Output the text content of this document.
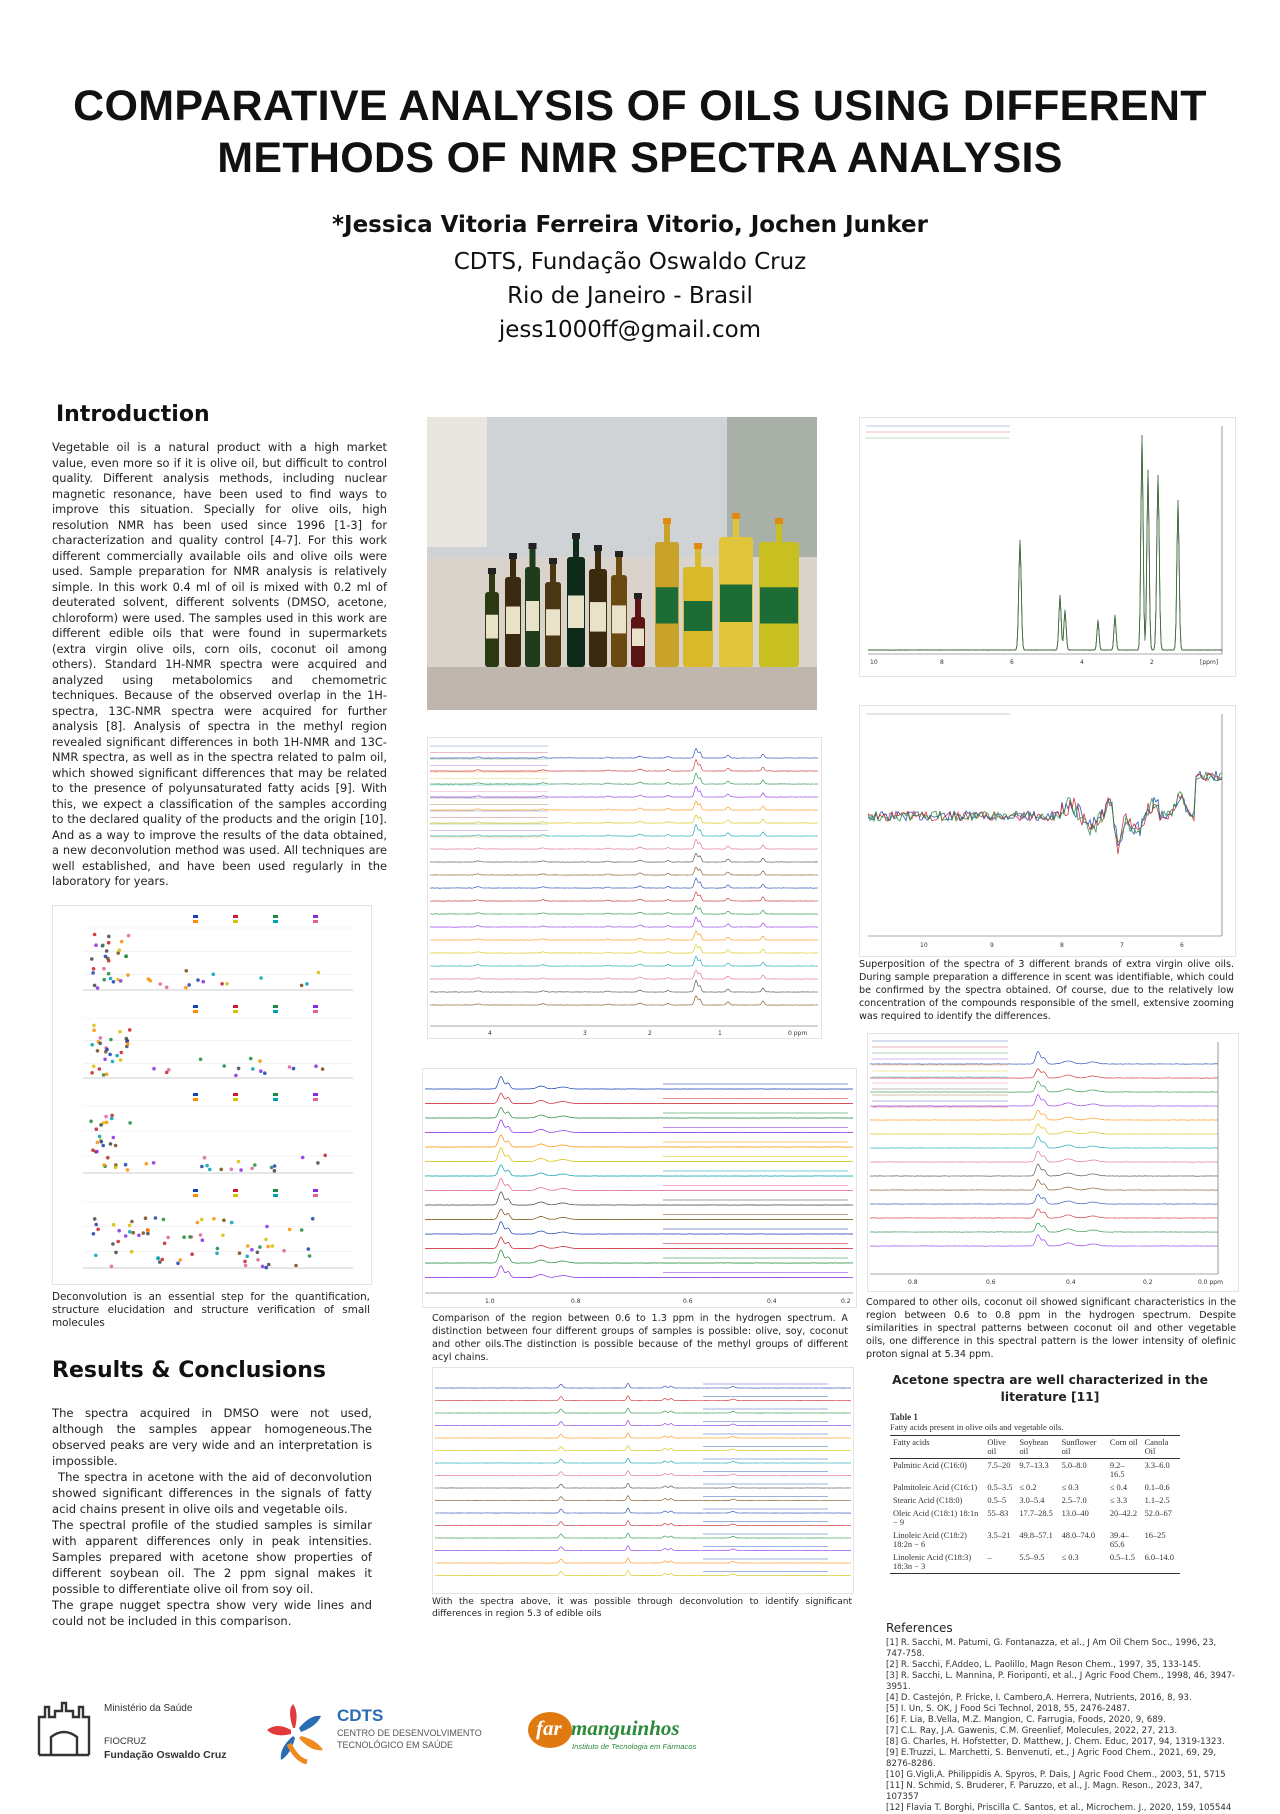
COMPARATIVE ANALYSIS OF OILS USING DIFFERENT
METHODS OF NMR SPECTRA ANALYSIS
*Jessica Vitoria Ferreira Vitorio, Jochen Junker
CDTS, Fundação Oswaldo Cruz
Rio de Janeiro - Brasil
jess1000ff@gmail.com
Introduction
Vegetable oil is a natural product with a high market value, even more so if it is olive oil, but difficult to control quality. Different analysis methods, including nuclear magnetic resonance, have been used to find ways to improve this situation. Specially for olive oils, high resolution NMR has been used since 1996 [1-3] for characterization and quality control [4-7]. For this work different commercially available oils and olive oils were used. Sample preparation for NMR analysis is relatively simple. In this work 0.4 ml of oil is mixed with 0.2 ml of deuterated solvent, different solvents (DMSO, acetone, chloroform) were used. The samples used in this work are different edible oils that were found in supermarkets (extra virgin olive oils, corn oils, coconut oil among others). Standard 1H-NMR spectra were acquired and analyzed using metabolomics and chemometric techniques. Because of the observed overlap in the 1H-spectra, 13C-NMR spectra were acquired for further analysis [8]. Analysis of spectra in the methyl region revealed significant differences in both 1H-NMR and 13C-NMR spectra, as well as in the spectra related to palm oil, which showed significant differences that may be related to the presence of polyunsaturated fatty acids [9]. With this, we expect a classification of the samples according to the declared quality of the products and the origin [10]. And as a way to improve the results of the data obtained, a new deconvolution method was used. All techniques are well established, and have been used regularly in the laboratory for years.
Deconvolution is an essential step for the quantification, structure elucidation and structure verification of small molecules
4	3	2	1	0 ppm
1.0	0.8	0.6	0.4	0.2
Comparison of the region between 0.6 to 1.3 ppm in the hydrogen spectrum. A distinction between four different groups of samples is possible: olive, soy, coconut and other oils.The distinction is possible because of the methyl groups of different acyl chains.
With the spectra above, it was possible through deconvolution to identify significant differences in region 5.3 of edible oils
10	8	6	4	2	[ppm]
10	9	8	7	6
Superposition of the spectra of 3 different brands of extra virgin olive oils. During sample preparation a difference in scent was identifiable, which could be confirmed by the spectra obtained. Of course, due to the relatively low concentration of the compounds responsible of the smell, extensive zooming was required to identify the differences.
0.8	0.6	0.4	0.2	0.0 ppm
Compared to other oils, coconut oil showed significant characteristics in the region between 0.6 to 0.8 ppm in the hydrogen spectrum. Despite similarities in spectral patterns between coconut oil and other vegetable oils, one difference in this spectral pattern is the lower intensity of olefinic proton signal at 5.34 ppm.
Results & Conclusions
The spectra acquired in DMSO were not used, although the samples appear homogeneous.The observed peaks are very wide and an interpretation is impossible.
The spectra in acetone with the aid of deconvolution showed significant differences in the signals of fatty acid chains present in olive oils and vegetable oils.
The spectral profile of the studied samples is similar with apparent differences only in peak intensities. Samples prepared with acetone show properties of different soybean oil. The 2 ppm signal makes it possible to differentiate olive oil from soy oil.
The grape nugget spectra show very wide lines and could not be included in this comparison.
Acetone spectra are well characterized in the literature [11]
Table 1
Fatty acids present in olive oils and vegetable oils.
Fatty acids	Olive oil	Soybean oil	Sunflower oil	Corn oil	Canola Oil
Palmitic Acid (C16:0)	7.5–20	9.7–13.3	5.0–8.0	9.2–16.5	3.3–6.0
Palmitoleic Acid (C16:1)	0.5–3.5	≤ 0.2	≤ 0.3	≤ 0.4	0.1–0.6
Stearic Acid (C18:0)	0.5–5	3.0–5.4	2.5–7.0	≤ 3.3	1.1–2.5
Oleic Acid (C18:1) 18:1n − 9	55–83	17.7–28.5	13.0–40	20–42.2	52.0–67
Linoleic Acid (C18:2) 18:2n − 6	3.5–21	49.8–57.1	48.0–74.0	39.4–65.6	16–25
Linolenic Acid (C18:3) 18:3n − 3	–	5.5–9.5	≤ 0.3	0.5–1.5	6.0–14.0
References
[1] R. Sacchi, M. Patumi, G. Fontanazza, et al., J Am Oil Chem Soc., 1996, 23, 747-758.
[2] R. Sacchi, F.Addeo, L. Paolillo, Magn Reson Chem., 1997, 35, 133-145.
[3] R. Sacchi, L. Mannina, P. Fioriponti, et al., J Agric Food Chem., 1998, 46, 3947-3951.
[4] D. Castejón, P. Fricke, I. Cambero,A. Herrera, Nutrients, 2016, 8, 93.
[5] I. Un, S. OK, J Food Sci Technol, 2018, 55, 2476-2487.
[6] F. Lia, B.Vella, M.Z. Mangion, C. Farrugia, Foods, 2020, 9, 689.
[7] C.L. Ray, J.A. Gawenis, C.M. Greenlief, Molecules, 2022, 27, 213.
[8] G. Charles, H. Hofstetter, D. Matthew, J. Chem. Educ, 2017, 94, 1319-1323.
[9] E.Truzzi, L. Marchetti, S. Benvenuti, et., J Agric Food Chem., 2021, 69, 29, 8276-8286.
[10] G.Vigli,A. Philippidis A. Spyros, P. Dais, J Agric Food Chem., 2003, 51, 5715
[11] N. Schmid, S. Bruderer, F. Paruzzo, et al., J. Magn. Reson., 2023, 347, 107357
[12] Flavia T. Borghi, Priscilla C. Santos, et al., Microchem. J., 2020, 159, 105544
Ministério da Saúde
FIOCRUZ
Fundação Oswaldo Cruz
CDTS
CENTRO DE DESENVOLVIMENTO
TECNOLÓGICO EM SAÚDE
far manguinhos
Instituto de Tecnologia em Fármacos
